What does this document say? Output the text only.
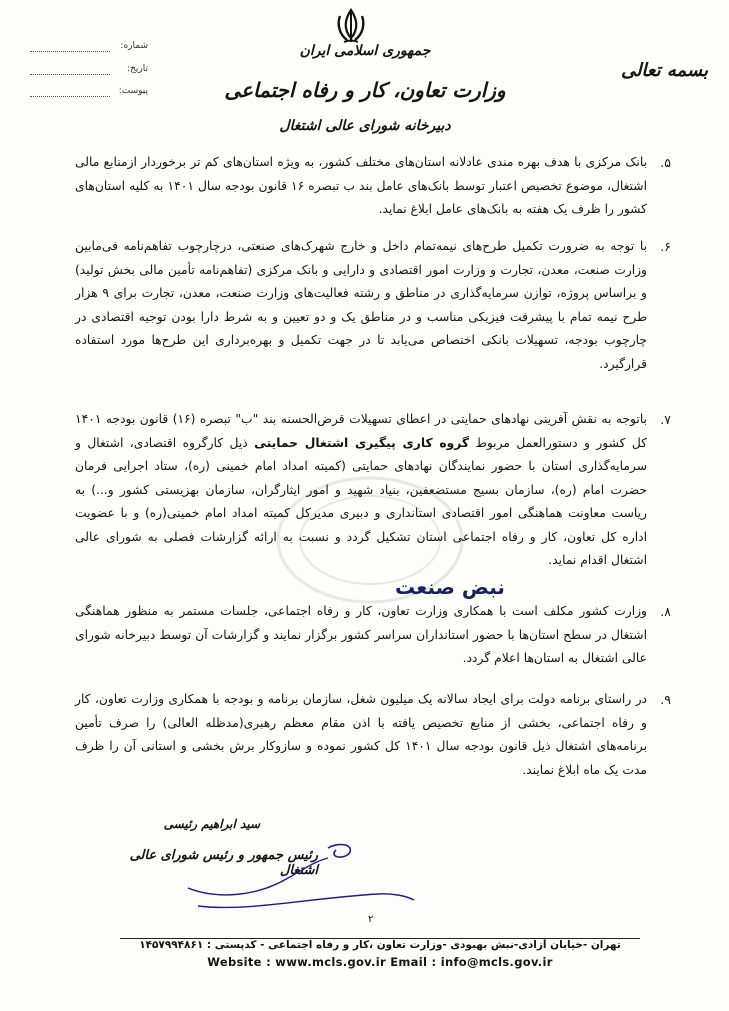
جمهوری اسلامی ایران
وزارت تعاون، کار و رفاه اجتماعی
دبیرخانه شورای عالی اشتغال
بسمه تعالی
شماره:
تاریخ:
پیوست:
۵.
بانک مرکزی با هدف بهره مندی عادلانه استان‌های مختلف کشور، به ویژه استان‌های کم تر برخوردار ازمنابع مالی اشتغال، موضوع تخصیص اعتبار توسط بانک‌های عامل بند ب تبصره ۱۶ قانون بودجه سال ۱۴۰۱ به کلیه استان‌های کشور را ظرف یک هفته به بانک‌های عامل ابلاغ نماید.
۶.
با توجه به ضرورت تکمیل طرح‌های نیمه‌تمام داخل و خارج شهرک‌های صنعتی، درچارچوب تفاهم‌نامه فی‌مابین وزارت صنعت، معدن، تجارت و وزارت امور اقتصادی و دارایی و بانک مرکزی (تفاهم‌نامه تأمین مالی بخش تولید) و براساس پروژه، توازن سرمایه‌گذاری در مناطق و رشته فعالیت‌های وزارت صنعت، معدن، تجارت برای ۹ هزار طرح نیمه تمام با پیشرفت فیزیکی مناسب و در مناطق یک و دو تعیین و به شرط دارا بودن توجیه اقتصادی در چارچوب بودجه، تسهیلات بانکی اختصاص می‌یابد تا در جهت تکمیل و بهره‌برداری این طرح‌ها مورد استفاده قرارگیرد.
۷.
باتوجه به نقش آفرینی نهادهای حمایتی در اعطای تسهیلات قرض‌الحسنه بند "ب" تبصره (۱۶) قانون بودجه ۱۴۰۱ کل کشور و دستورالعمل مربوط گروه کاری پیگیری اشتغال حمایتی ذیل کارگروه اقتصادی، اشتغال و سرمایه‌گذاری استان با حضور نمایندگان نهادهای حمایتی (کمیته امداد امام خمینی (ره)، ستاد اجرایی فرمان حضرت امام (ره)، سازمان بسیج مستضعفین، بنیاد شهید و امور ایثارگران، سازمان بهزیستی کشور و...) به ریاست معاونت هماهنگی امور اقتصادی استانداری و دبیری مدیرکل کمیته امداد امام خمینی(ره) و با عضویت اداره کل تعاون، کار و رفاه اجتماعی استان تشکیل گردد و نسبت به ارائه گزارشات فصلی به شورای عالی اشتغال اقدام نماید.
۸.
وزارت کشور مکلف است با همکاری وزارت تعاون، کار و رفاه اجتماعی، جلسات مستمر به منظور هماهنگی اشتغال در سطح استان‌ها با حضور استانداران سراسر کشور برگزار نمایند و گزارشات آن توسط دبیرخانه شورای عالی اشتغال به استان‌ها اعلام گردد.
۹.
در راستای برنامه دولت برای ایجاد سالانه یک میلیون شغل، سازمان برنامه و بودجه با همکاری وزارت تعاون، کار و رفاه اجتماعی، بخشی از منابع تخصیص یافته با اذن مقام معظم رهبری(مدظله العالی) را صرف تأمین برنامه‌های اشتغال ذیل قانون بودجه سال ۱۴۰۱ کل کشور نموده و سازوکار برش بخشی و استانی آن را ظرف مدت یک ماه ابلاغ نمایند.
نبض صنعت
سید ابراهیم رئیسی
رئیس جمهور و رئیس شورای عالی اشتغال
۲
تهران -خیابان آزادی-نبش بهبودی -وزارت تعاون ،کار و رفاه اجتماعی - کدپستی : ۱۴۵۷۹۹۴۸۶۱
Website : www.mcls.gov.ir Email : info@mcls.gov.ir
